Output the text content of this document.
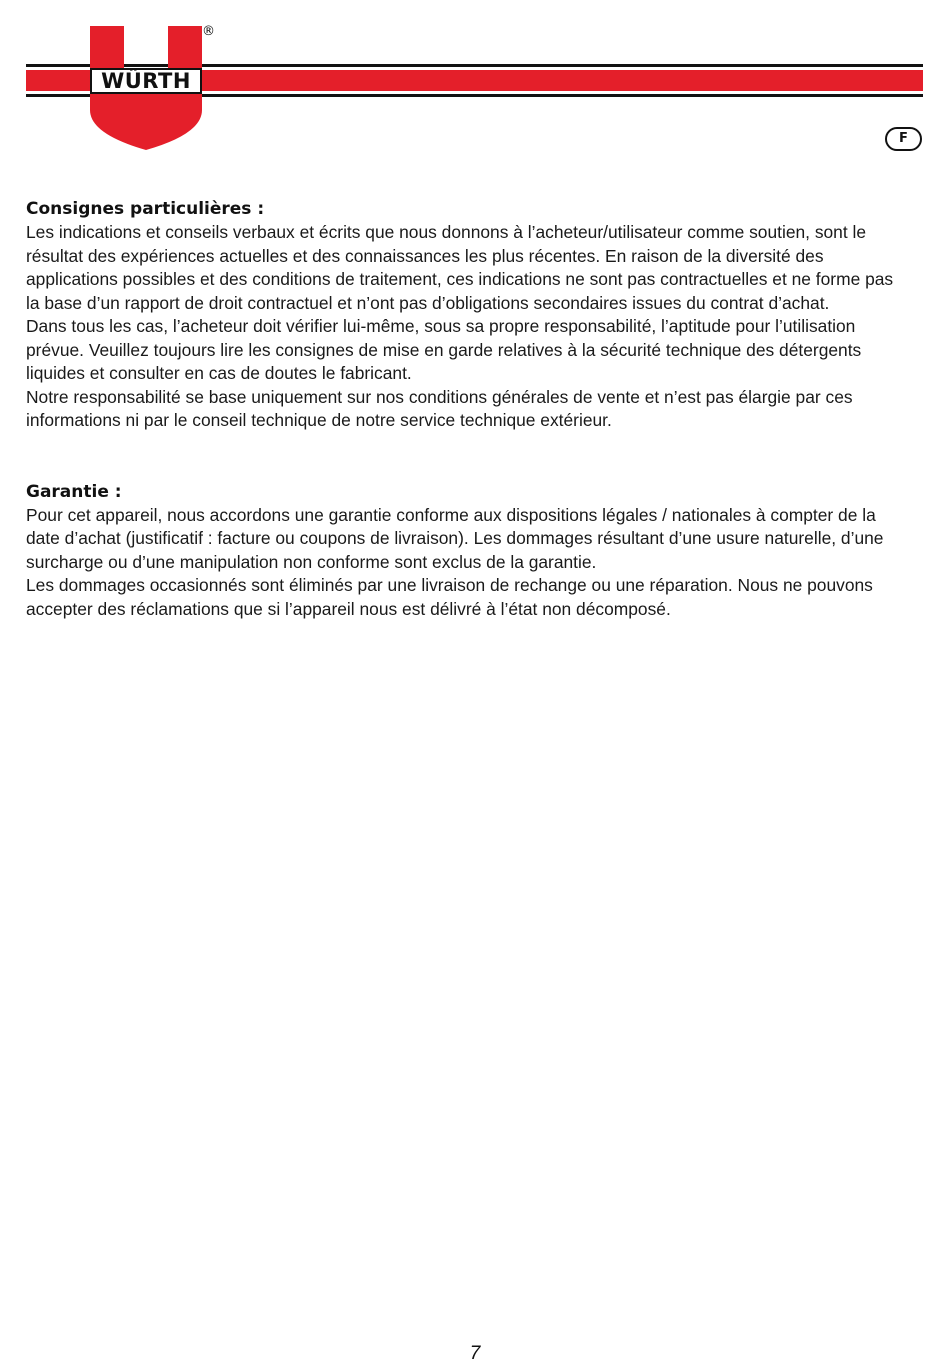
WÜRTH
®
F
Consignes particulières :

Les indications et conseils verbaux et écrits que nous donnons à l’acheteur/utilisateur comme soutien, sont le résultat des expériences actuelles et des connaissances les plus récentes. En raison de la diversité des applications possibles et des conditions de traitement, ces indications ne sont pas contractuelles et ne forme pas la base d’un rapport de droit contractuel et n’ont pas d’obligations secondaires issues du contrat d’achat.

Dans tous les cas, l’acheteur doit vérifier lui-même, sous sa propre responsabilité, l’aptitude pour l’utilisation prévue. Veuillez toujours lire les consignes de mise en garde relatives à la sécurité technique des détergents liquides et consulter en cas de doutes le fabricant.

Notre responsabilité se base uniquement sur nos conditions générales de vente et n’est pas élargie par ces informations ni par le conseil technique de notre service technique extérieur.

Garantie :

Pour cet appareil, nous accordons une garantie conforme aux dispositions légales / nationales à compter de la date d’achat (justificatif : facture ou coupons de livraison). Les dommages résultant d’une usure naturelle, d’une surcharge ou d’une manipulation non conforme sont exclus de la garantie.

Les dommages occasionnés sont éliminés par une livraison de rechange ou une réparation. Nous ne pouvons accepter des réclamations que si l’appareil nous est délivré à l’état non décomposé.

7
